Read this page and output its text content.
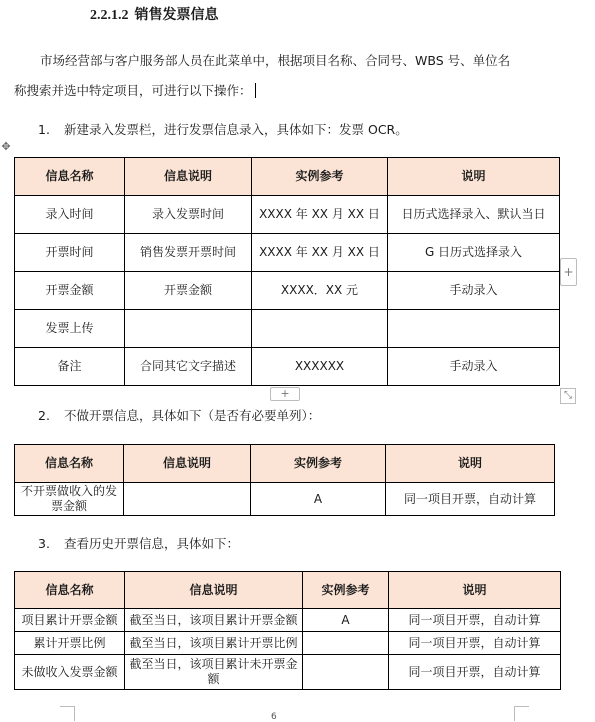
2.2.1.2 销售发票信息
市场经营部与客户服务部人员在此菜单中，根据项目名称、合同号、WBS 号、单位名
称搜索并选中特定项目，可进行以下操作：
1. 新建录入发票栏，进行发票信息录入，具体如下：发票 OCR。
✥
信息名称	信息说明	实例参考	说明
录入时间	录入发票时间	XXXX 年 XX 月 XX 日	日历式选择录入、默认当日
开票时间	销售发票开票时间	XXXX 年 XX 月 XX 日	G 日历式选择录入
开票金额	开票金额	XXXX．XX 元	手动录入
发票上传			
备注	合同其它文字描述	XXXXXX	手动录入
+
+	⤡
2. 不做开票信息，具体如下（是否有必要单列）：
信息名称	信息说明	实例参考	说明
不开票做收入的发票金额		A	同一项目开票，自动计算
3. 查看历史开票信息，具体如下：
信息名称	信息说明	实例参考	说明
项目累计开票金额	截至当日，该项目累计开票金额	A	同一项目开票，自动计算
累计开票比例	截至当日，该项目累计开票比例		同一项目开票，自动计算
未做收入发票金额	截至当日，该项目累计未开票金额		同一项目开票，自动计算
6
